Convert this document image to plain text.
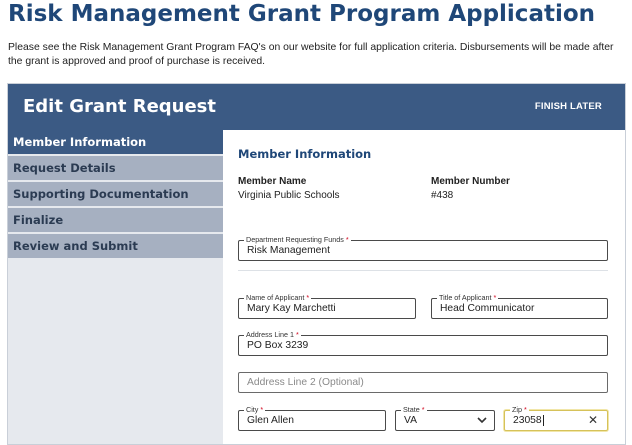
Risk Management Grant Program Application
Please see the Risk Management Grant Program FAQ's on our website for full application criteria. Disbursements will be made after the grant is approved and proof of purchase is received.
Edit Grant Request	FINISH LATER
Member Information
Request Details
Supporting Documentation
Finalize
Review and Submit
Member Information
Member Name
Virginia Public Schools
Member Number
#438
Department Requesting Funds *
Risk Management
Name of Applicant *
Mary Kay Marchetti
Title of Applicant *
Head Communicator
Address Line 1 *
PO Box 3239
Address Line 2 (Optional)
City *
Glen Allen
State *
VA
Zip *
23058	✕
